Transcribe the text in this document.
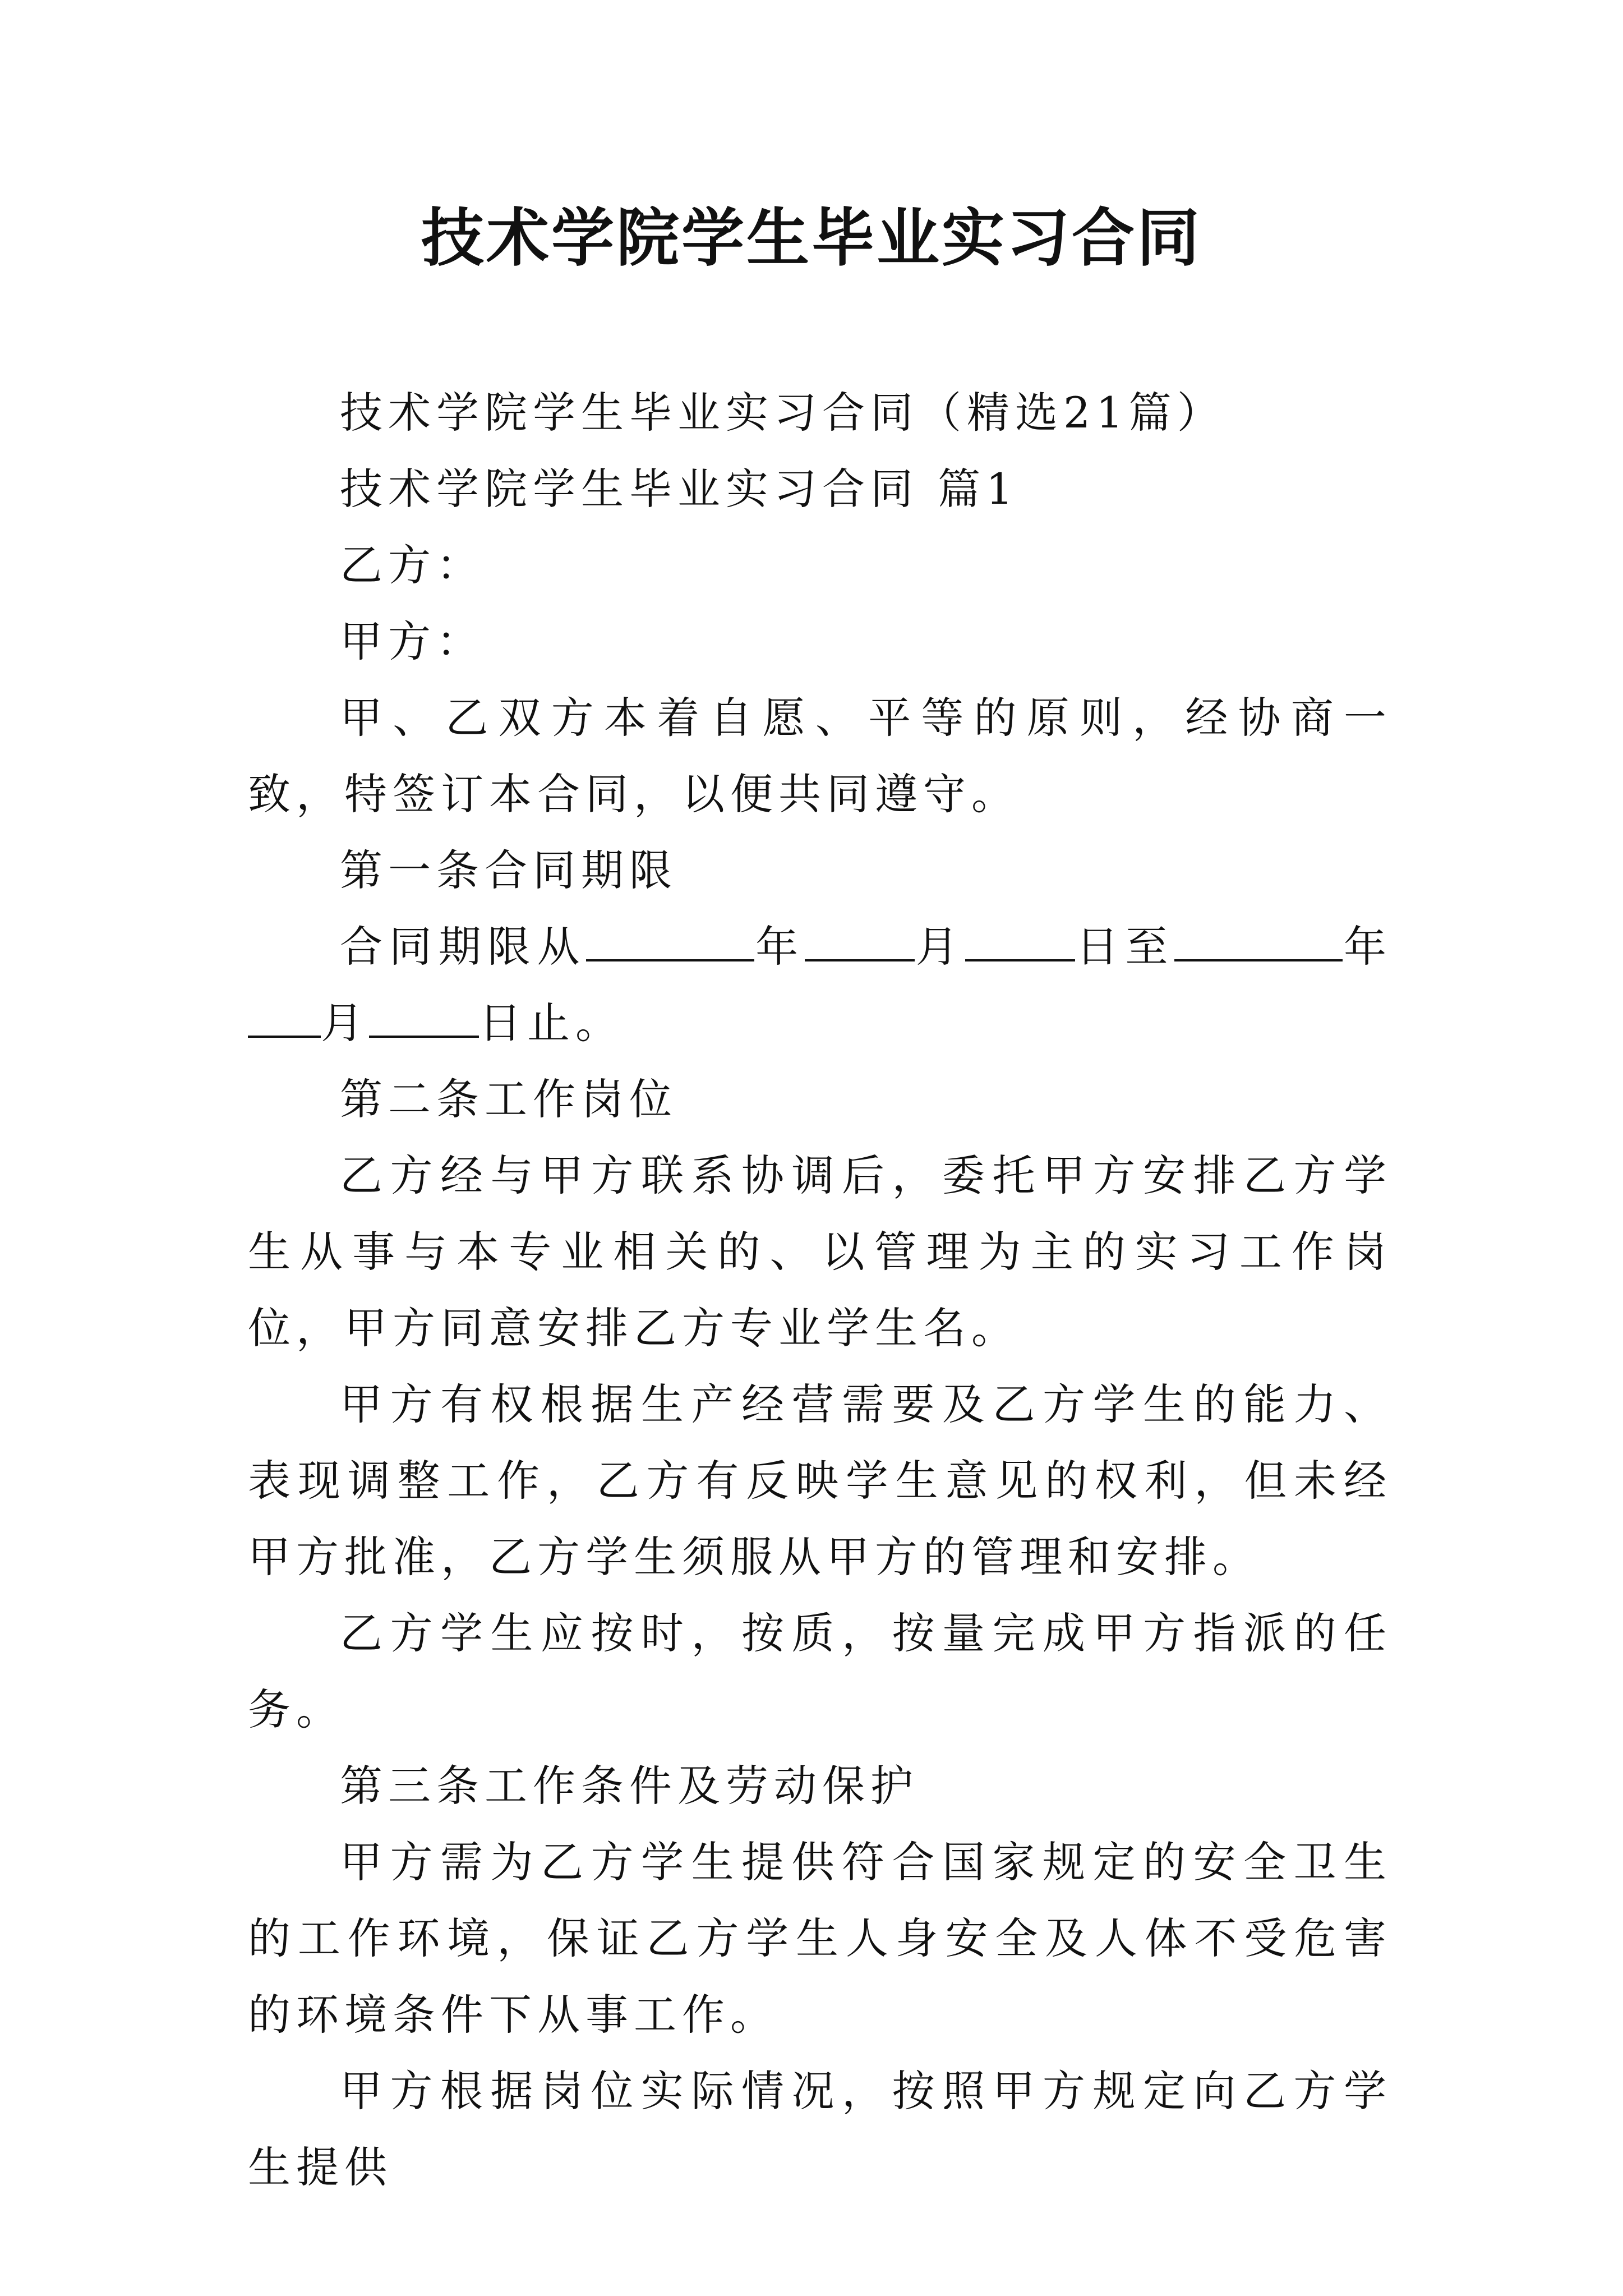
技术学院学生毕业实习合同

技术学院学生毕业实习合同（精选21篇）

技术学院学生毕业实习合同 篇1

乙方：

甲方：

甲、乙双方本着自愿、平等的原则，经协商一致，特签订本合同，以便共同遵守。

第一条合同期限

合同期限从	年	月	日至	年月	日止。

第二条工作岗位

乙方经与甲方联系协调后，委托甲方安排乙方学生从事与本专业相关的、以管理为主的实习工作岗位，甲方同意安排乙方专业学生名。

甲方有权根据生产经营需要及乙方学生的能力、表现调整工作，乙方有反映学生意见的权利，但未经甲方批准，乙方学生须服从甲方的管理和安排。

乙方学生应按时，按质，按量完成甲方指派的任务。

第三条工作条件及劳动保护

甲方需为乙方学生提供符合国家规定的安全卫生的工作环境，保证乙方学生人身安全及人体不受危害的环境条件下从事工作。

甲方根据岗位实际情况，按照甲方规定向乙方学生提供
